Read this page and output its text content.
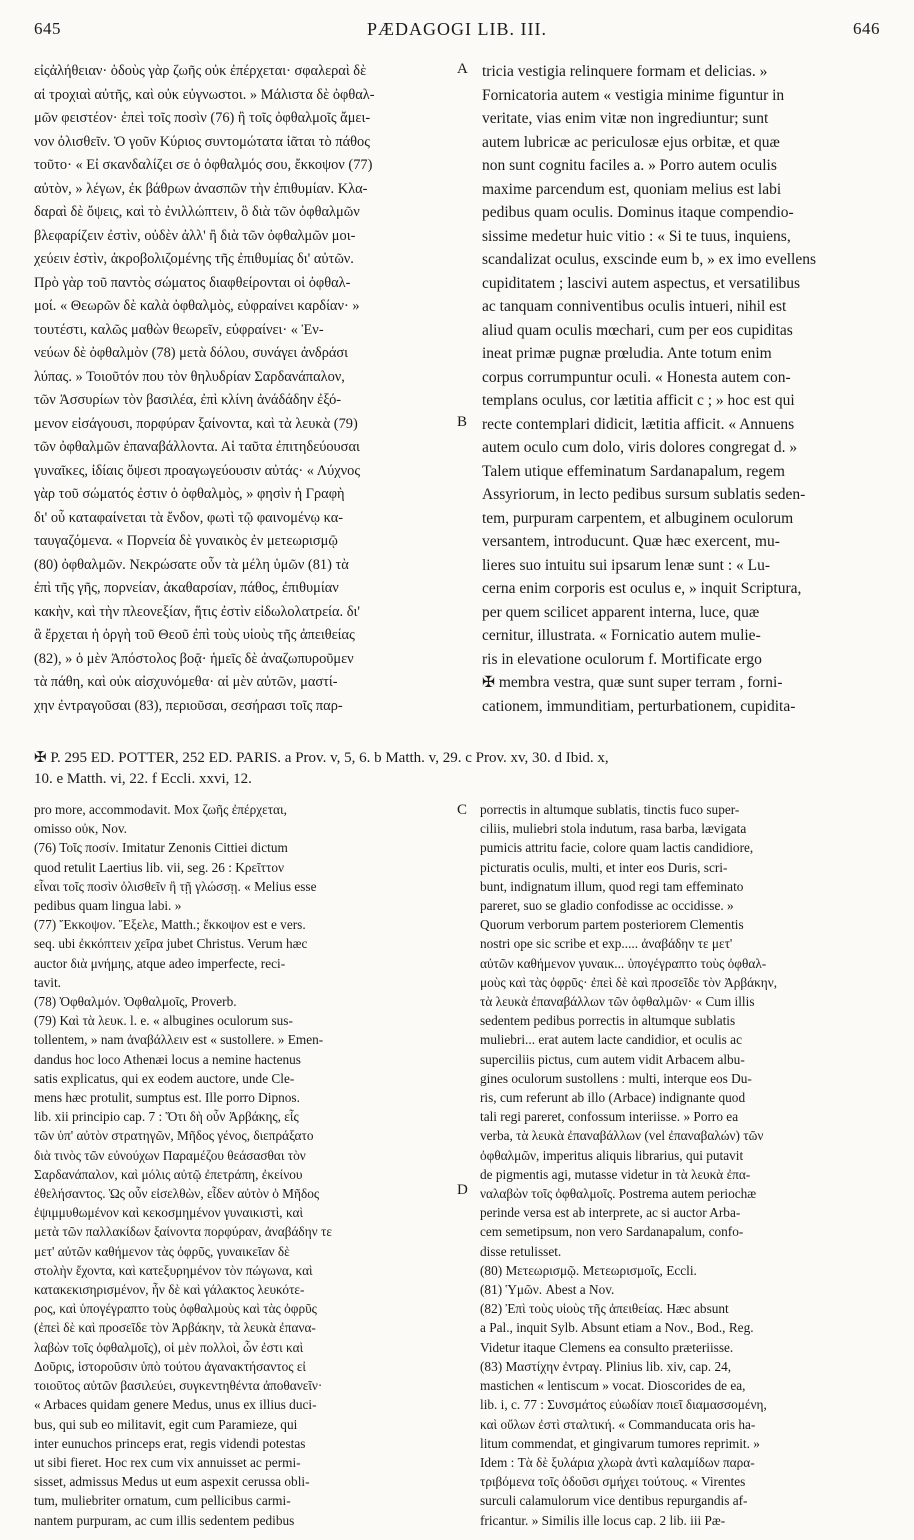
645	PÆDAGOGI LIB. III.	646
εἰςἀλήθειαν· ὁδοὺς γὰρ ζωῆς οὐκ ἐπέρχεται· σφαλεραὶ δὲ
αἱ τροχιαὶ αὐτῆς, καὶ οὐκ εὐγνωστοι. » Μάλιστα δὲ ὀφθαλ-
μῶν φειστέον· ἐπεὶ τοῖς ποσὶν (76) ἢ τοῖς ὀφθαλμοῖς ἄμει-
νον ὀλισθεῖν. Ὁ γοῦν Κύριος συντομώτατα ἰᾶται τὸ πάθος
τοῦτο· « Εἰ σκανδαλίζει σε ὁ ὀφθαλμός σου, ἔκκοψον (77)
αὐτὸν, » λέγων, ἐκ βάθρων ἀνασπῶν τὴν ἐπιθυμίαν. Κλα-
δαραὶ δὲ ὄψεις, καὶ τὸ ἐνιλλώπτειν, ὃ διὰ τῶν ὀφθαλμῶν
βλεφαρίζειν ἐστὶν, οὐδὲν ἀλλ' ἢ διὰ τῶν ὀφθαλμῶν μοι-
χεύειν ἐστὶν, ἀκροβολιζομένης τῆς ἐπιθυμίας δι' αὐτῶν.
Πρὸ γὰρ τοῦ παντὸς σώματος διαφθείρονται οἱ ὀφθαλ-
μοί. « Θεωρῶν δὲ καλὰ ὀφθαλμὸς, εὐφραίνει καρδίαν· »
τουτέστι, καλῶς μαθὼν θεωρεῖν, εὐφραίνει· « Ἐν-
νεύων δὲ ὀφθαλμὸν (78) μετὰ δόλου, συνάγει ἀνδράσι
λύπας. » Τοιοῦτόν που τὸν θηλυδρίαν Σαρδανάπαλον,
τῶν Ἀσσυρίων τὸν βασιλέα, ἐπὶ κλίνη ἀνάδάδην ἐξό-
μενον εἰσάγουσι, πορφύραν ξαίνοντα, καὶ τὰ λευκὰ (79)
τῶν ὀφθαλμῶν ἐπαναβάλλοντα. Αἱ ταῦτα ἐπιτηδεύουσαι
γυναῖκες, ἰδίαις ὄψεσι προαγωγεύουσιν αὐτάς· « Λύχνος
γὰρ τοῦ σώματός ἐστιν ὁ ὀφθαλμὸς, » φησὶν ἡ Γραφὴ
δι' οὗ καταφαίνεται τὰ ἔνδον, φωτὶ τῷ φαινομένῳ κα-
ταυγαζόμενα. « Πορνεία δὲ γυναικὸς ἐν μετεωρισμῷ
(80) ὀφθαλμῶν. Νεκρώσατε οὖν τὰ μέλη ὑμῶν (81) τὰ
ἐπὶ τῆς γῆς, πορνείαν, ἀκαθαρσίαν, πάθος, ἐπιθυμίαν
κακὴν, καὶ τὴν πλεονεξίαν, ἥτις ἐστὶν εἰδωλολατρεία. δι'
ἃ ἔρχεται ἡ ὀργὴ τοῦ Θεοῦ ἐπὶ τοὺς υἱοὺς τῆς ἀπειθείας
(82), » ὁ μὲν Ἀπόστολος βοᾷ· ἡμεῖς δὲ ἀναζωπυροῦμεν
τὰ πάθη, καὶ οὐκ αἰσχυνόμεθα· αἱ μὲν αὐτῶν, μαστί-
χην ἐντραγοῦσαι (83), περιοῦσαι, σεσήρασι τοῖς παρ-
tricia vestigia relinquere formam et delicias. »
Fornicatoria autem « vestigia minime figuntur in
veritate, vias enim vitæ non ingrediuntur; sunt
autem lubricæ ac periculosæ ejus orbitæ, et quæ
non sunt cognitu faciles a. » Porro autem oculis
maxime parcendum est, quoniam melius est labi
pedibus quam oculis. Dominus itaque compendio-
sissime medetur huic vitio : « Si te tuus, inquiens,
scandalizat oculus, exscinde eum b, » ex imo evellens
cupiditatem ; lascivi autem aspectus, et versatilibus
ac tanquam conniventibus oculis intueri, nihil est
aliud quam oculis mœchari, cum per eos cupiditas
ineat primæ pugnæ prœludia. Ante totum enim
corpus corrumpuntur oculi. « Honesta autem con-
templans oculus, cor lætitia afficit c ; » hoc est qui
recte contemplari didicit, lætitia afficit. « Annuens
autem oculo cum dolo, viris dolores congregat d. »
Talem utique effeminatum Sardanapalum, regem
Assyriorum, in lecto pedibus sursum sublatis seden-
tem, purpuram carpentem, et albuginem oculorum
versantem, introducunt. Quæ hæc exercent, mu-
lieres suo intuitu sui ipsarum lenæ sunt : « Lu-
cerna enim corporis est oculus e, » inquit Scriptura,
per quem scilicet apparent interna, luce, quæ
cernitur, illustrata. « Fornicatio autem mulie-
ris in elevatione oculorum f. Mortificate ergo
✠ membra vestra, quæ sunt super terram , forni-
cationem, immunditiam, perturbationem, cupidita-
A
B
C
D
✠ P. 295 ED. POTTER, 252 ED. PARIS. a Prov. v, 5, 6. b Matth. v, 29. c Prov. xv, 30. d Ibid. x,
10. e Matth. vi, 22. f Eccli. xxvi, 12.
pro more, accommodavit. Mox ζωῆς ἐπέρχεται,
omisso οὐκ, Nov.
(76) Τοῖς ποσίν. Imitatur Zenonis Cittiei dictum
quod retulit Laertius lib. vii, seg. 26 : Κρεῖττον
εἶναι τοῖς ποσὶν ὀλισθεῖν ἢ τῇ γλώσσῃ. « Melius esse
pedibus quam lingua labi. »
(77) Ἔκκοψον. Ἔξελε, Matth.; ἔκκοψον est e vers.
seq. ubi ἐκκόπτειν χεῖρα jubet Christus. Verum hæc
auctor διὰ μνήμης, atque adeo imperfecte, reci-
tavit.
(78) Ὀφθαλμόν. Ὀφθαλμοῖς, Proverb.
(79) Καὶ τὰ λευκ. l. e. « albugines oculorum sus-
tollentem, » nam ἀναβάλλειν est « sustollere. » Emen-
dandus hoc loco Athenæi locus a nemine hactenus
satis explicatus, qui ex eodem auctore, unde Cle-
mens hæc protulit, sumptus est. Ille porro Dipnos.
lib. xii principio cap. 7 : Ὅτι δὴ οὖν Ἀρβάκης, εἷς
τῶν ὑπ' αὐτὸν στρατηγῶν, Μῆδος γένος, διεπράξατο
διὰ τινὸς τῶν εὐνούχων Παραμέζου θεάσασθαι τὸν
Σαρδανάπαλον, καὶ μόλις αὐτῷ ἐπετράπη, ἐκείνου
ἐθελήσαντος. Ὡς οὖν εἰσελθὼν, εἶδεν αὐτὸν ὁ Μῆδος
ἐψιμμυθωμένον καὶ κεκοσμημένον γυναικιστὶ, καὶ
μετὰ τῶν παλλακίδων ξαίνοντα πορφύραν, ἀναβάδην τε
μετ' αὐτῶν καθήμενον τὰς ὀφρῦς, γυναικεῖαν δὲ
στολὴν ἔχοντα, καὶ κατεξυρημένον τὸν πώγωνα, καὶ
κατακεκισηρισμένον, ἦν δὲ καὶ γάλακτος λευκότε-
ρος, καὶ ὑπογέγραπτο τοὺς ὀφθαλμοὺς καὶ τὰς ὀφρῦς
(ἐπεὶ δὲ καὶ προσεῖδε τὸν Ἀρβάκην, τὰ λευκὰ ἐπανα-
λαβὼν τοῖς ὀφθαλμοῖς), οἱ μὲν πολλοὶ, ὧν ἐστι καὶ
Δοῦρις, ἱστοροῦσιν ὑπὸ τούτου ἀγανακτήσαντος εἰ
τοιοῦτος αὐτῶν βασιλεύει, συγκεντηθέντα ἀποθανεῖν·
« Arbaces quidam genere Medus, unus ex illius duci-
bus, qui sub eo militavit, egit cum Paramieze, qui
inter eunuchos princeps erat, regis videndi potestas
ut sibi fieret. Hoc rex cum vix annuisset ac permi-
sisset, admissus Medus ut eum aspexit cerussa obli-
tum, muliebriter ornatum, cum pellicibus carmi-
nantem purpuram, ac cum illis sedentem pedibus
porrectis in altumque sublatis, tinctis fuco super-
ciliis, muliebri stola indutum, rasa barba, lævigata
pumicis attritu facie, colore quam lactis candidiore,
picturatis oculis, multi, et inter eos Duris, scri-
bunt, indignatum illum, quod regi tam effeminato
pareret, suo se gladio confodisse ac occidisse. »
Quorum verborum partem posteriorem Clementis
nostri ope sic scribe et exp..... ἀναβάδην τε μετ'
αὐτῶν καθήμενον γυναικ... ὑπογέγραπτο τοὺς ὀφθαλ-
μοὺς καὶ τὰς ὀφρῦς· ἐπεὶ δὲ καὶ προσεῖδε τὸν Ἀρβάκην,
τὰ λευκὰ ἐπαναβάλλων τῶν ὀφθαλμῶν· « Cum illis
sedentem pedibus porrectis in altumque sublatis
muliebri... erat autem lacte candidior, et oculis ac
superciliis pictus, cum autem vidit Arbacem albu-
gines oculorum sustollens : multi, interque eos Du-
ris, cum referunt ab illo (Arbace) indignante quod
tali regi pareret, confossum interiisse. » Porro ea
verba, τὰ λευκὰ ἐπαναβάλλων (vel ἐπαναβαλών) τῶν
ὀφθαλμῶν, imperitus aliquis librarius, qui putavit
de pigmentis agi, mutasse videtur in τὰ λευκὰ ἐπα-
ναλαβὼν τοῖς ὀφθαλμοῖς. Postrema autem periochæ
perinde versa est ab interprete, ac si auctor Arba-
cem semetipsum, non vero Sardanapalum, confo-
disse retulisset.
(80) Μετεωρισμῷ. Μετεωρισμοῖς, Eccli.
(81) Ὑμῶν. Abest a Nov.
(82) Ἐπὶ τοὺς υἱοὺς τῆς ἀπειθείας. Hæc absunt
a Pal., inquit Sylb. Absunt etiam a Nov., Bod., Reg.
Videtur itaque Clemens ea consulto præteriisse.
(83) Μαστίχην ἐντραγ. Plinius lib. xiv, cap. 24,
mastichen « lentiscum » vocat. Dioscorides de ea,
lib. i, c. 77 : Συνσμάτος εὐωδίαν ποιεῖ διαμασσομένη,
καὶ οὔλων ἐστὶ σταλτική. « Commanducata oris ha-
litum commendat, et gingivarum tumores reprimit. »
Idem : Τὰ δὲ ξυλάρια χλωρὰ ἀντὶ καλαμίδων παρα-
τριβόμενα τοῖς ὀδοῦσι σμήχει τούτους. « Virentes
surculi calamulorum vice dentibus repurgandis af-
fricantur. » Similis ille locus cap. 2 lib. iii Pæ-
